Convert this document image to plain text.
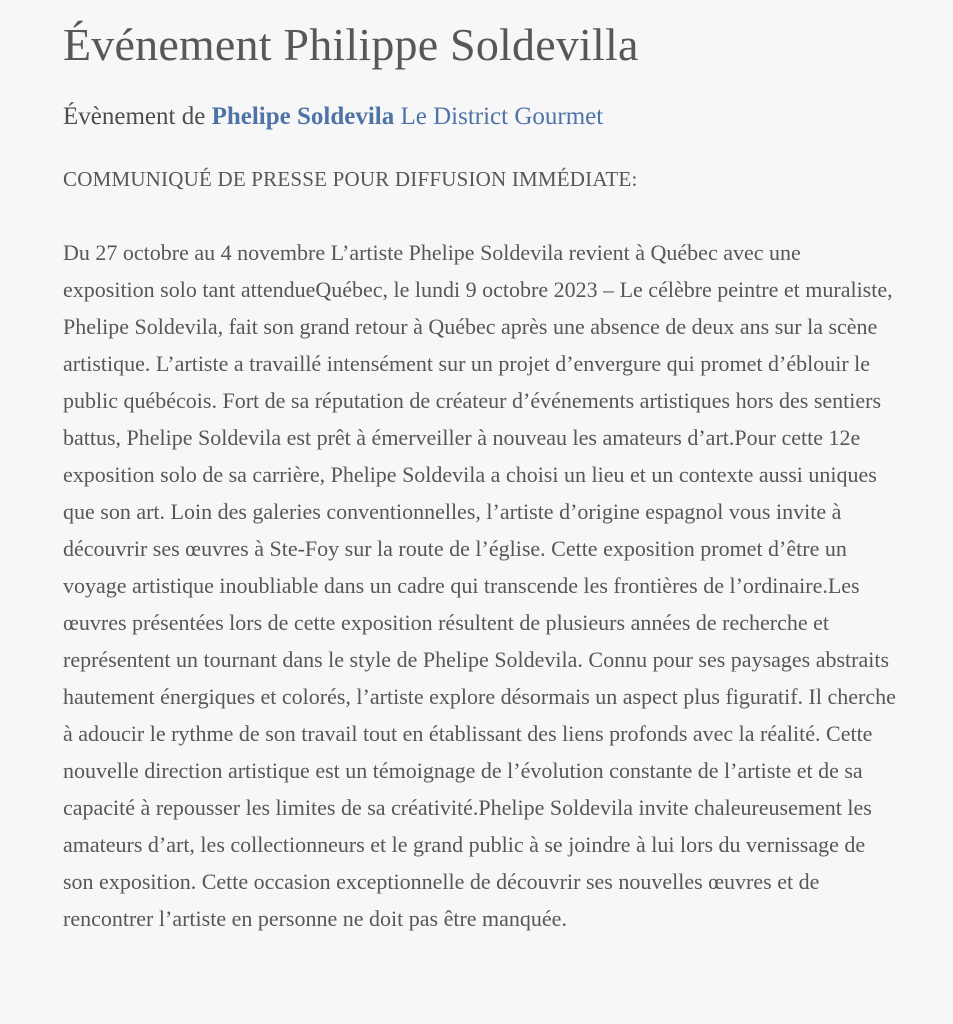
Événement Philippe Soldevilla

Évènement de Phelipe Soldevila Le District Gourmet

COMMUNIQUÉ DE PRESSE POUR DIFFUSION IMMÉDIATE:

Du 27 octobre au 4 novembre L’artiste Phelipe Soldevila revient à Québec avec une exposition solo tant attendueQuébec, le lundi 9 octobre 2023 – Le célèbre peintre et muraliste, Phelipe Soldevila, fait son grand retour à Québec après une absence de deux ans sur la scène artistique. L’artiste a travaillé intensément sur un projet d’envergure qui promet d’éblouir le public québécois. Fort de sa réputation de créateur d’événements artistiques hors des sentiers battus, Phelipe Soldevila est prêt à émerveiller à nouveau les amateurs d’art.Pour cette 12e exposition solo de sa carrière, Phelipe Soldevila a choisi un lieu et un contexte aussi uniques que son art. Loin des galeries conventionnelles, l’artiste d’origine espagnol vous invite à découvrir ses œuvres à Ste-Foy sur la route de l’église. Cette exposition promet d’être un voyage artistique inoubliable dans un cadre qui transcende les frontières de l’ordinaire.Les œuvres présentées lors de cette exposition résultent de plusieurs années de recherche et représentent un tournant dans le style de Phelipe Soldevila. Connu pour ses paysages abstraits hautement énergiques et colorés, l’artiste explore désormais un aspect plus figuratif. Il cherche à adoucir le rythme de son travail tout en établissant des liens profonds avec la réalité. Cette nouvelle direction artistique est un témoignage de l’évolution constante de l’artiste et de sa capacité à repousser les limites de sa créativité.Phelipe Soldevila invite chaleureusement les amateurs d’art, les collectionneurs et le grand public à se joindre à lui lors du vernissage de son exposition. Cette occasion exceptionnelle de découvrir ses nouvelles œuvres et de rencontrer l’artiste en personne ne doit pas être manquée.
